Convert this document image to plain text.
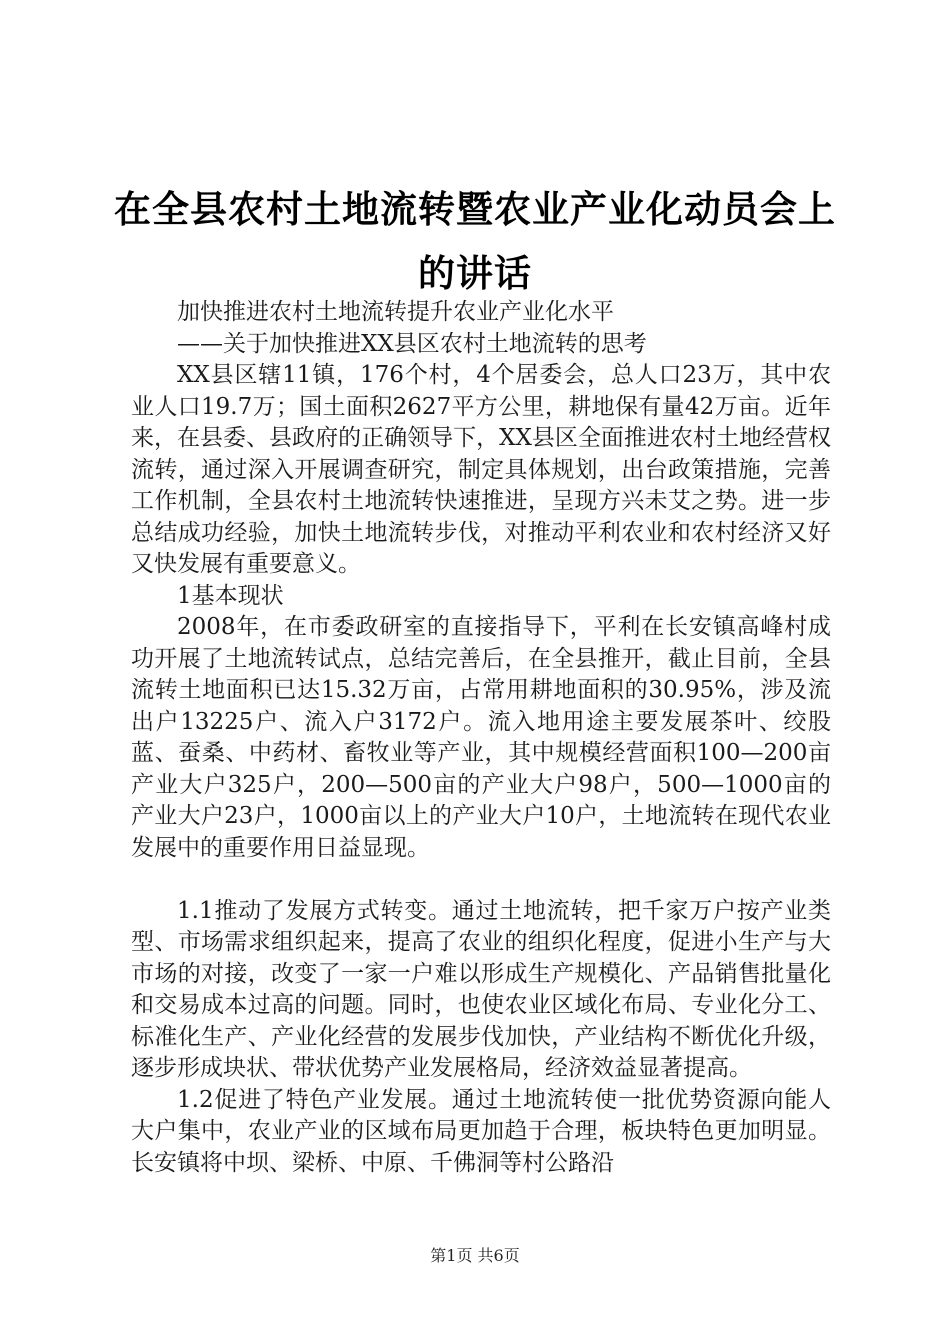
在全县农村土地流转暨农业产业化动员会上的讲话

加快推进农村土地流转提升农业产业化水平

——关于加快推进XX县区农村土地流转的思考

XX县区辖11镇，176个村，4个居委会，总人口23万，其中农业人口19.7万；国土面积2627平方公里，耕地保有量42万亩。近年来，在县委、县政府的正确领导下，XX县区全面推进农村土地经营权流转，通过深入开展调查研究，制定具体规划，出台政策措施，完善工作机制，全县农村土地流转快速推进，呈现方兴未艾之势。进一步总结成功经验，加快土地流转步伐，对推动平利农业和农村经济又好又快发展有重要意义。

1基本现状

2008年，在市委政研室的直接指导下，平利在长安镇高峰村成功开展了土地流转试点，总结完善后，在全县推开，截止目前，全县流转土地面积已达15.32万亩，占常用耕地面积的30.95%，涉及流出户13225户、流入户3172户。流入地用途主要发展茶叶、绞股蓝、蚕桑、中药材、畜牧业等产业，其中规模经营面积100—200亩产业大户325户，200—500亩的产业大户98户，500—1000亩的产业大户23户，1000亩以上的产业大户10户，土地流转在现代农业发展中的重要作用日益显现。

1.1推动了发展方式转变。通过土地流转，把千家万户按产业类型、市场需求组织起来，提高了农业的组织化程度，促进小生产与大市场的对接，改变了一家一户难以形成生产规模化、产品销售批量化和交易成本过高的问题。同时，也使农业区域化布局、专业化分工、标准化生产、产业化经营的发展步伐加快，产业结构不断优化升级，逐步形成块状、带状优势产业发展格局，经济效益显著提高。

1.2促进了特色产业发展。通过土地流转使一批优势资源向能人大户集中，农业产业的区域布局更加趋于合理，板块特色更加明显。长安镇将中坝、梁桥、中原、千佛洞等村公路沿

第1页 共6页
